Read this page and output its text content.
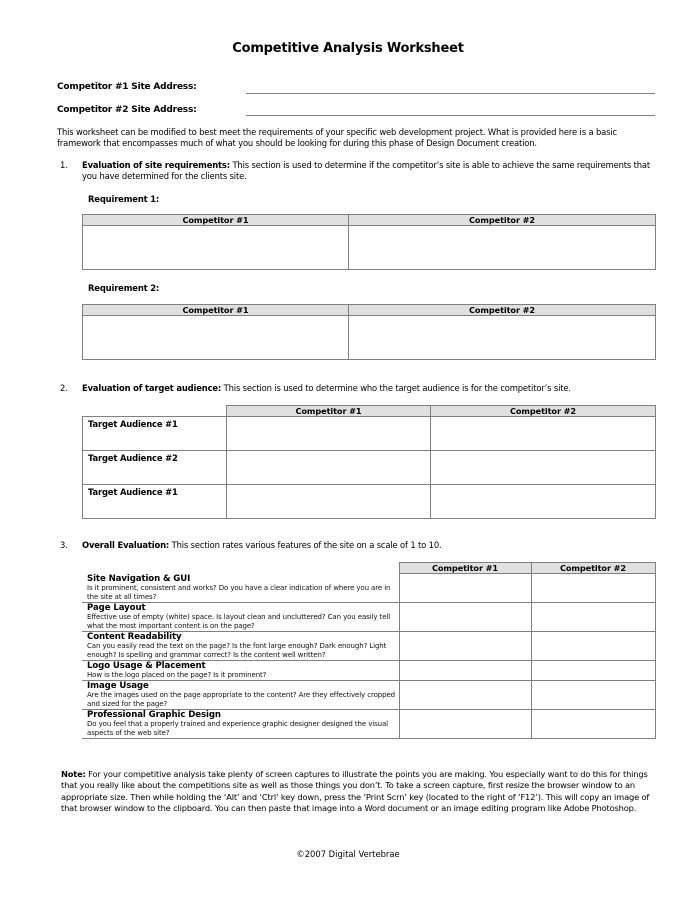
Competitive Analysis Worksheet
Competitor #1 Site Address:
Competitor #2 Site Address:
This worksheet can be modified to best meet the requirements of your specific web development project. What is provided here is a basic framework that encompasses much of what you should be looking for during this phase of Design Document creation.
1. Evaluation of site requirements: This section is used to determine if the competitor’s site is able to achieve the same requirements that you have determined for the clients site.
Requirement 1:
Competitor #1	Competitor #2

Requirement 2:
Competitor #1	Competitor #2

2. Evaluation of target audience: This section is used to determine who the target audience is for the competitor’s site.
	Competitor #1	Competitor #2
Target Audience #1		
Target Audience #2		
Target Audience #1		
3. Overall Evaluation: This section rates various features of the site on a scale of 1 to 10.
	Competitor #1	Competitor #2

Site Navigation & GUI
Is it prominent, consistent and works? Do you have a clear indication of where you are in the site at all times?		

Page Layout
Effective use of empty (white) space. Is layout clean and uncluttered? Can you easily tell what the most important content is on the page?		

Content Readability
Can you easily read the text on the page? Is the font large enough? Dark enough? Light enough? Is spelling and grammar correct? Is the content well written?		

Logo Usage & Placement
How is the logo placed on the page? Is it prominent?		

Image Usage
Are the images used on the page appropriate to the content? Are they effectively cropped and sized for the page?		

Professional Graphic Design
Do you feel that a properly trained and experience graphic designer designed the visual aspects of the web site?		

Note: For your competitive analysis take plenty of screen captures to illustrate the points you are making. You especially want to do this for things that you really like about the competitions site as well as those things you don’t. To take a screen capture, first resize the browser window to an appropriate size. Then while holding the ‘Alt’ and ‘Ctrl’ key down, press the ‘Print Scrn’ key (located to the right of ‘F12’). This will copy an image of that browser window to the clipboard. You can then paste that image into a Word document or an image editing program like Adobe Photoshop.
©2007 Digital Vertebrae
